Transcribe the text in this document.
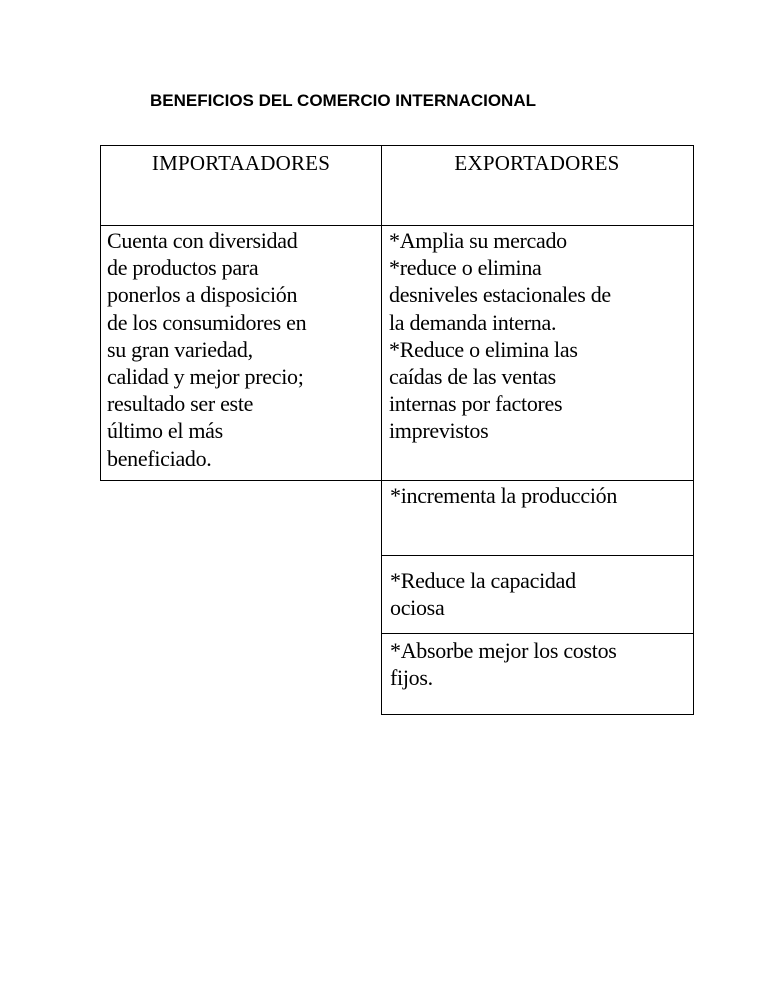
BENEFICIOS DEL COMERCIO INTERNACIONAL
IMPORTAADORES	EXPORTADORES
Cuenta con diversidad
de productos para
ponerlos a disposición
de los consumidores en
su gran variedad,
calidad y mejor precio;
resultado ser este
último el más
beneficiado.
*Amplia su mercado
*reduce o elimina
desniveles estacionales de
la demanda interna.
*Reduce o elimina las
caídas de las ventas
internas por factores
imprevistos
*incrementa la producción
*Reduce la capacidad
ociosa
*Absorbe mejor los costos
fijos.
